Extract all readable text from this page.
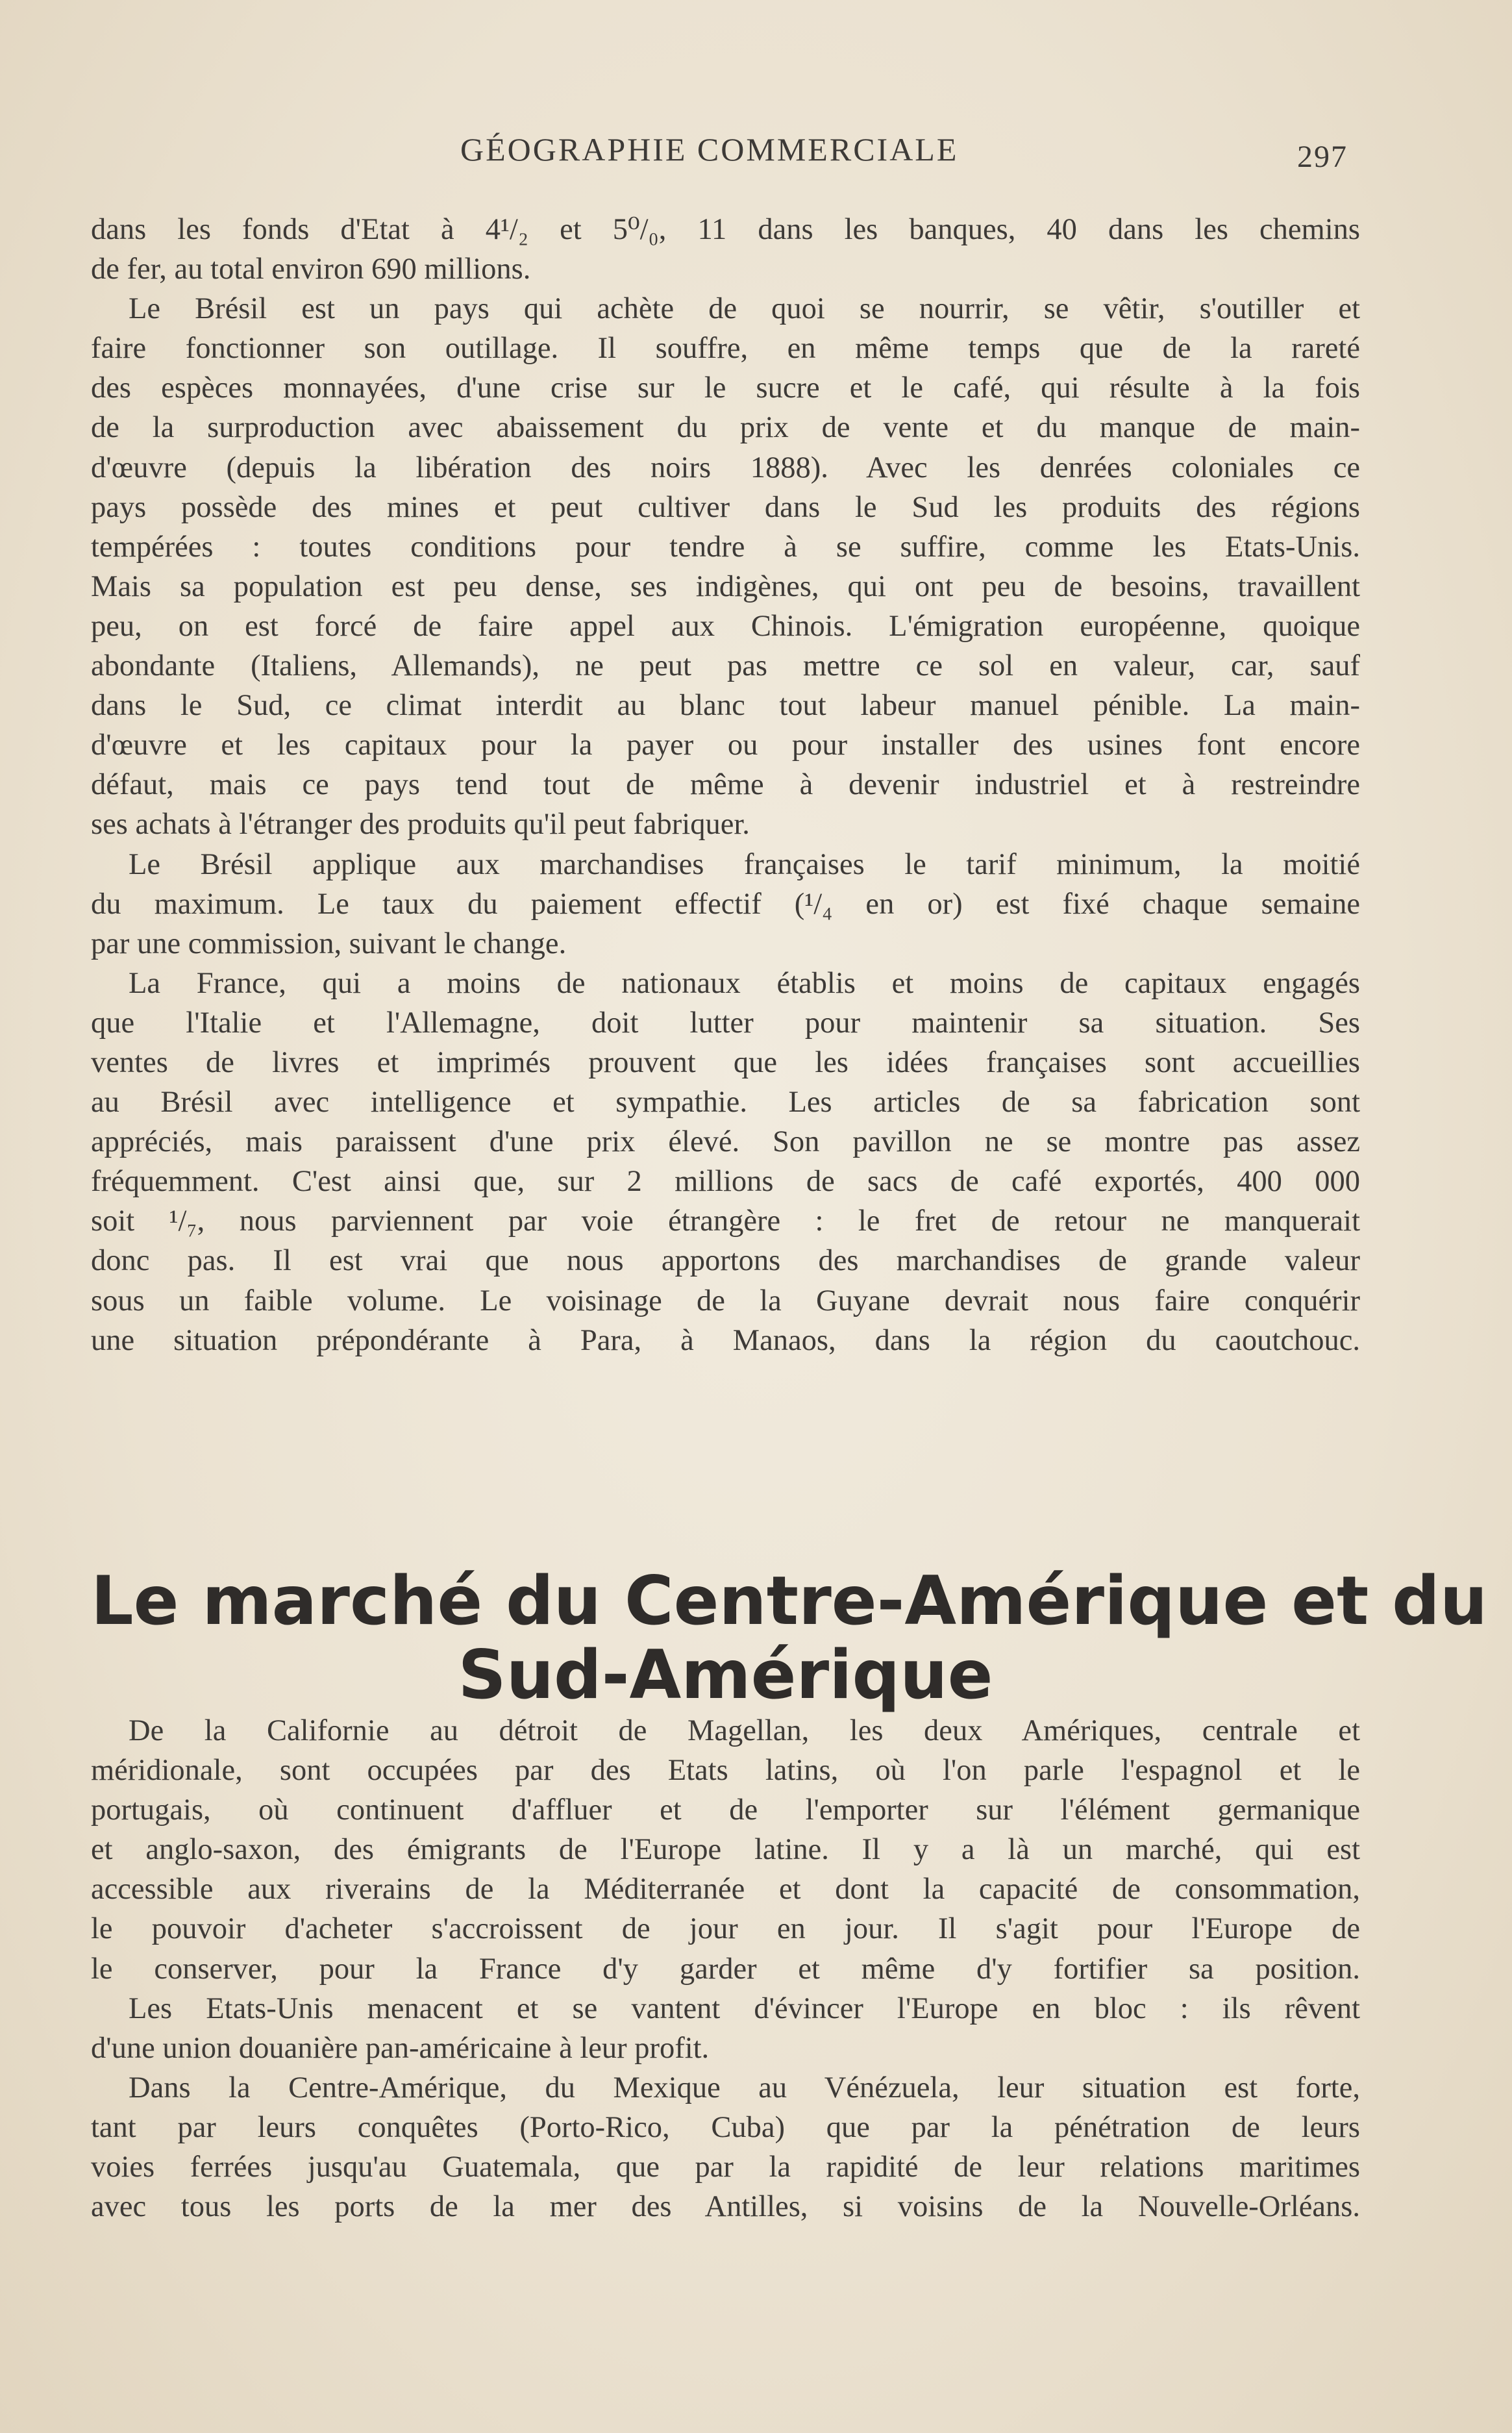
GÉOGRAPHIE COMMERCIALE	297
dans les fonds d'Etat à 4¹/₂ et 5⁰/₀, 11 dans les banques, 40 dans les chemins
de fer, au total environ 690 millions.
Le Brésil est un pays qui achète de quoi se nourrir, se vêtir, s'outiller et
faire fonctionner son outillage. Il souffre, en même temps que de la rareté
des espèces monnayées, d'une crise sur le sucre et le café, qui résulte à la fois
de la surproduction avec abaissement du prix de vente et du manque de main-
d'œuvre (depuis la libération des noirs 1888). Avec les denrées coloniales ce
pays possède des mines et peut cultiver dans le Sud les produits des régions
tempérées : toutes conditions pour tendre à se suffire, comme les Etats-Unis.
Mais sa population est peu dense, ses indigènes, qui ont peu de besoins, travaillent
peu, on est forcé de faire appel aux Chinois. L'émigration européenne, quoique
abondante (Italiens, Allemands), ne peut pas mettre ce sol en valeur, car, sauf
dans le Sud, ce climat interdit au blanc tout labeur manuel pénible. La main-
d'œuvre et les capitaux pour la payer ou pour installer des usines font encore
défaut, mais ce pays tend tout de même à devenir industriel et à restreindre
ses achats à l'étranger des produits qu'il peut fabriquer.
Le Brésil applique aux marchandises françaises le tarif minimum, la moitié
du maximum. Le taux du paiement effectif (¹/₄ en or) est fixé chaque semaine
par une commission, suivant le change.
La France, qui a moins de nationaux établis et moins de capitaux engagés
que l'Italie et l'Allemagne, doit lutter pour maintenir sa situation. Ses
ventes de livres et imprimés prouvent que les idées françaises sont accueillies
au Brésil avec intelligence et sympathie. Les articles de sa fabrication sont
appréciés, mais paraissent d'une prix élevé. Son pavillon ne se montre pas assez
fréquemment. C'est ainsi que, sur 2 millions de sacs de café exportés, 400 000
soit ¹/₇, nous parviennent par voie étrangère : le fret de retour ne manquerait
donc pas. Il est vrai que nous apportons des marchandises de grande valeur
sous un faible volume. Le voisinage de la Guyane devrait nous faire conquérir
une situation prépondérante à Para, à Manaos, dans la région du caoutchouc.
Le marché du Centre-Amérique et du
Sud-Amérique
De la Californie au détroit de Magellan, les deux Amériques, centrale et
méridionale, sont occupées par des Etats latins, où l'on parle l'espagnol et le
portugais, où continuent d'affluer et de l'emporter sur l'élément germanique
et anglo-saxon, des émigrants de l'Europe latine. Il y a là un marché, qui est
accessible aux riverains de la Méditerranée et dont la capacité de consommation,
le pouvoir d'acheter s'accroissent de jour en jour. Il s'agit pour l'Europe de
le conserver, pour la France d'y garder et même d'y fortifier sa position.
Les Etats-Unis menacent et se vantent d'évincer l'Europe en bloc : ils rêvent
d'une union douanière pan-américaine à leur profit.
Dans la Centre-Amérique, du Mexique au Vénézuela, leur situation est forte,
tant par leurs conquêtes (Porto-Rico, Cuba) que par la pénétration de leurs
voies ferrées jusqu'au Guatemala, que par la rapidité de leur relations maritimes
avec tous les ports de la mer des Antilles, si voisins de la Nouvelle-Orléans.
